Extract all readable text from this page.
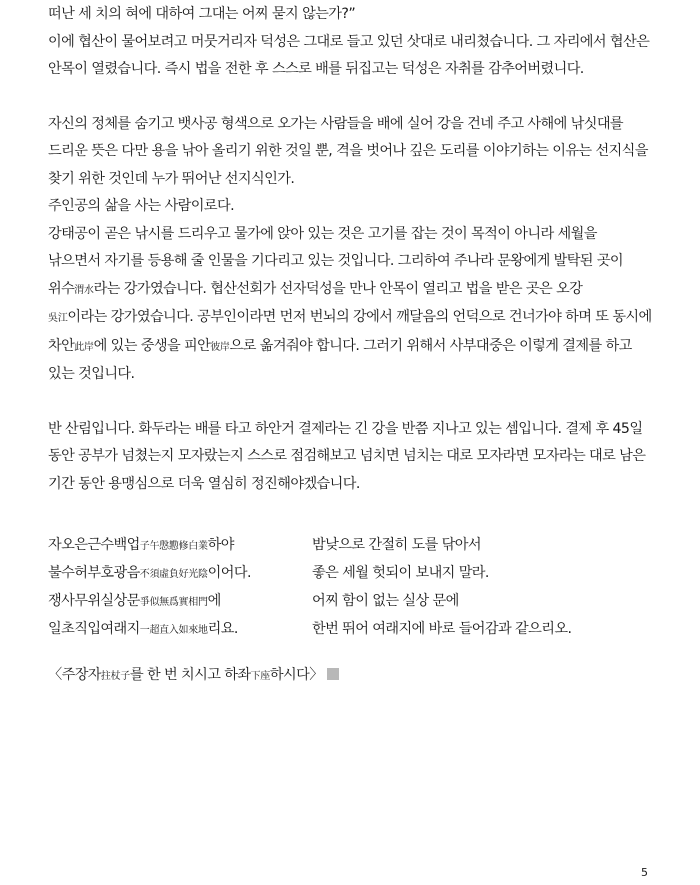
떠난 세 치의 혀에 대하여 그대는 어찌 묻지 않는가?”

이에 협산이 물어보려고 머뭇거리자 덕성은 그대로 들고 있던 삿대로 내리쳤습니다. 그 자리에서 협산은 안목이 열렸습니다. 즉시 법을 전한 후 스스로 배를 뒤집고는 덕성은 자취를 감추어버렸니다.

자신의 정체를 숨기고 뱃사공 형색으로 오가는 사람들을 배에 실어 강을 건네 주고 사해에 낚싯대를 드리운 뜻은 다만 용을 낚아 올리기 위한 것일 뿐, 격을 벗어나 깊은 도리를 이야기하는 이유는 선지식을 찾기 위한 것인데 누가 뛰어난 선지식인가.

주인공의 삶을 사는 사람이로다.

강태공이 곧은 낚시를 드리우고 물가에 앉아 있는 것은 고기를 잡는 것이 목적이 아니라 세월을 낚으면서 자기를 등용해 줄 인물을 기다리고 있는 것입니다. 그리하여 주나라 문왕에게 발탁된 곳이 위수渭水라는 강가였습니다. 협산선회가 선자덕성을 만나 안목이 열리고 법을 받은 곳은 오강
吳江이라는 강가였습니다. 공부인이라면 먼저 번뇌의 강에서 깨달음의 언덕으로 건너가야 하며 또 동시에 차안此岸에 있는 중생을 피안彼岸으로 옮겨줘야 합니다. 그러기 위해서 사부대중은 이렇게 결제를 하고 있는 것입니다.

반 산림입니다. 화두라는 배를 타고 하안거 결제라는 긴 강을 반쯤 지나고 있는 셈입니다. 결제 후 45일 동안 공부가 넘쳤는지 모자랐는지 스스로 점검해보고 넘치면 넘치는 대로 모자라면 모자라는 대로 남은 기간 동안 용맹심으로 더욱 열심히 정진해야겠습니다.

자오은근수백업子午慇懃修白業하야	밤낮으로 간절히 도를 닦아서
불수허부호광음不須虛負好光陰이어다.	좋은 세월 헛되이 보내지 말라.
쟁사무위실상문爭似無爲實相門에	어찌 함이 없는 실상 문에
일초직입여래지一超直入如來地리요.	한번 뛰어 여래지에 바로 들어감과 같으리오.
〈주장자拄杖子를 한 번 치시고 하좌下座하시다〉
5
